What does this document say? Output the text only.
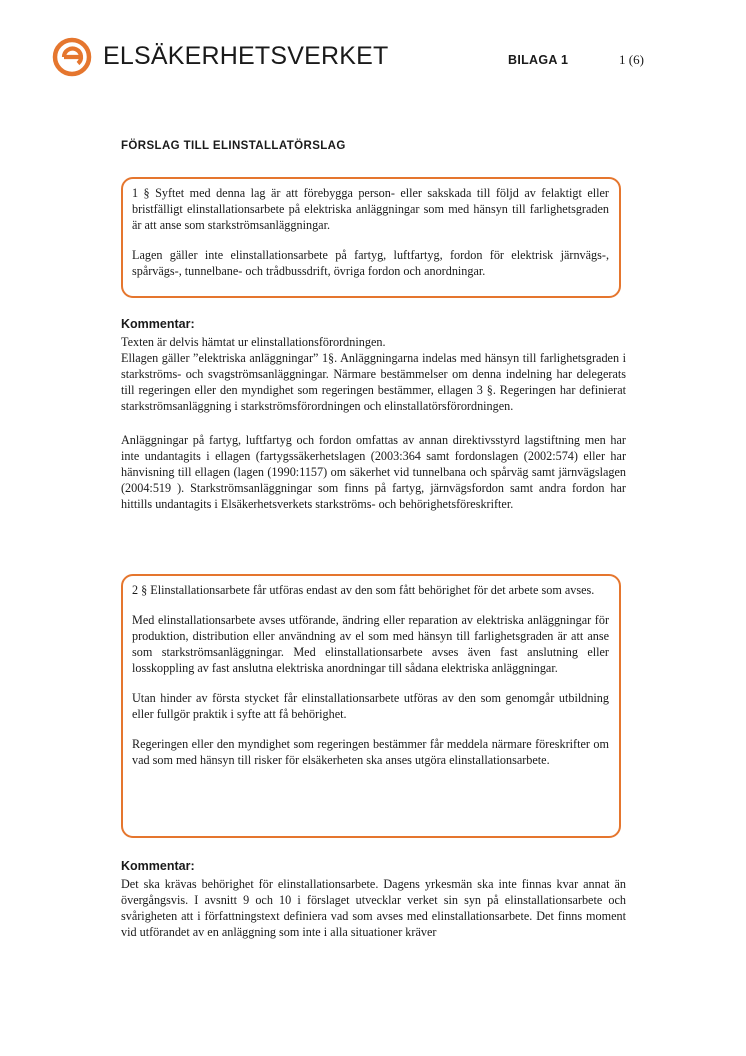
ELSÄKERHETSVERKET	BILAGA 1	1 (6)
FÖRSLAG TILL ELINSTALLATÖRSLAG

1 § Syftet med denna lag är att förebygga person- eller sakskada till följd av felaktigt eller bristfälligt elinstallationsarbete på elektriska anläggningar som med hänsyn till farlighetsgraden är att anse som starkströmsanläggningar.

Lagen gäller inte elinstallationsarbete på fartyg, luftfartyg, fordon för elektrisk järnvägs-, spårvägs-, tunnelbane- och trådbussdrift, övriga fordon och anordningar.

Kommentar:

Texten är delvis hämtat ur elinstallationsförordningen.

Ellagen gäller ”elektriska anläggningar” 1§. Anläggningarna indelas med hänsyn till farlighetsgraden i starkströms- och svagströmsanläggningar. Närmare bestämmelser om denna indelning har delegerats till regeringen eller den myndighet som regeringen bestämmer, ellagen 3 §. Regeringen har definierat starkströmsanläggning i starkströmsförordningen och elinstallatörsförordningen.

Anläggningar på fartyg, luftfartyg och fordon omfattas av annan direktivsstyrd lagstiftning men har inte undantagits i ellagen (fartygssäkerhetslagen (2003:364 samt fordonslagen (2002:574) eller har hänvisning till ellagen (lagen (1990:1157) om säkerhet vid tunnelbana och spårväg samt järnvägslagen (2004:519 ). Starkströmsanläggningar som finns på fartyg, järnvägsfordon samt andra fordon har hittills undantagits i Elsäkerhetsverkets starkströms- och behörighetsföreskrifter.

2 § Elinstallationsarbete får utföras endast av den som fått behörighet för det arbete som avses.

Med elinstallationsarbete avses utförande, ändring eller reparation av elektriska anläggningar för produktion, distribution eller användning av el som med hänsyn till farlighetsgraden är att anse som starkströmsanläggningar. Med elinstallationsarbete avses även fast anslutning eller losskoppling av fast anslutna elektriska anordningar till sådana elektriska anläggningar.

Utan hinder av första stycket får elinstallationsarbete utföras av den som genomgår utbildning eller fullgör praktik i syfte att få behörighet.

Regeringen eller den myndighet som regeringen bestämmer får meddela närmare föreskrifter om vad som med hänsyn till risker för elsäkerheten ska anses utgöra elinstallationsarbete.

Kommentar:

Det ska krävas behörighet för elinstallationsarbete. Dagens yrkesmän ska inte finnas kvar annat än övergångsvis. I avsnitt 9 och 10 i förslaget utvecklar verket sin syn på elinstallationsarbete och svårigheten att i författningstext definiera vad som avses med elinstallationsarbete. Det finns moment vid utförandet av en anläggning som inte i alla situationer kräver
